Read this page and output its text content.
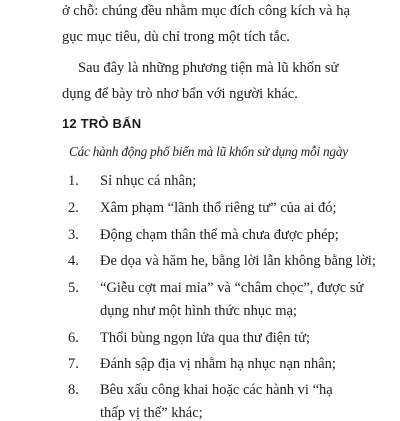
ở chỗ: chúng đều nhằm mục đích công kích và hạ
gục mục tiêu, dù chỉ trong một tích tắc.
Sau đây là những phương tiện mà lũ khốn sử
dụng để bày trò nhơ bẩn với người khác.
12 TRÒ BẨN
Các hành động phổ biến mà lũ khốn sử dụng mỗi ngày
1. Sỉ nhục cá nhân;
2. Xâm phạm “lãnh thổ riêng tư” của ai đó;
3. Động chạm thân thể mà chưa được phép;
4. Đe dọa và hăm he, bằng lời lẫn không bằng lời;
5. “Giễu cợt mai mỉa” và “châm chọc”, được sử
dụng như một hình thức nhục mạ;
6. Thổi bùng ngọn lửa qua thư điện tử;
7. Đánh sập địa vị nhằm hạ nhục nạn nhân;
8. Bêu xấu công khai hoặc các hành vi “hạ
thấp vị thế” khác;
